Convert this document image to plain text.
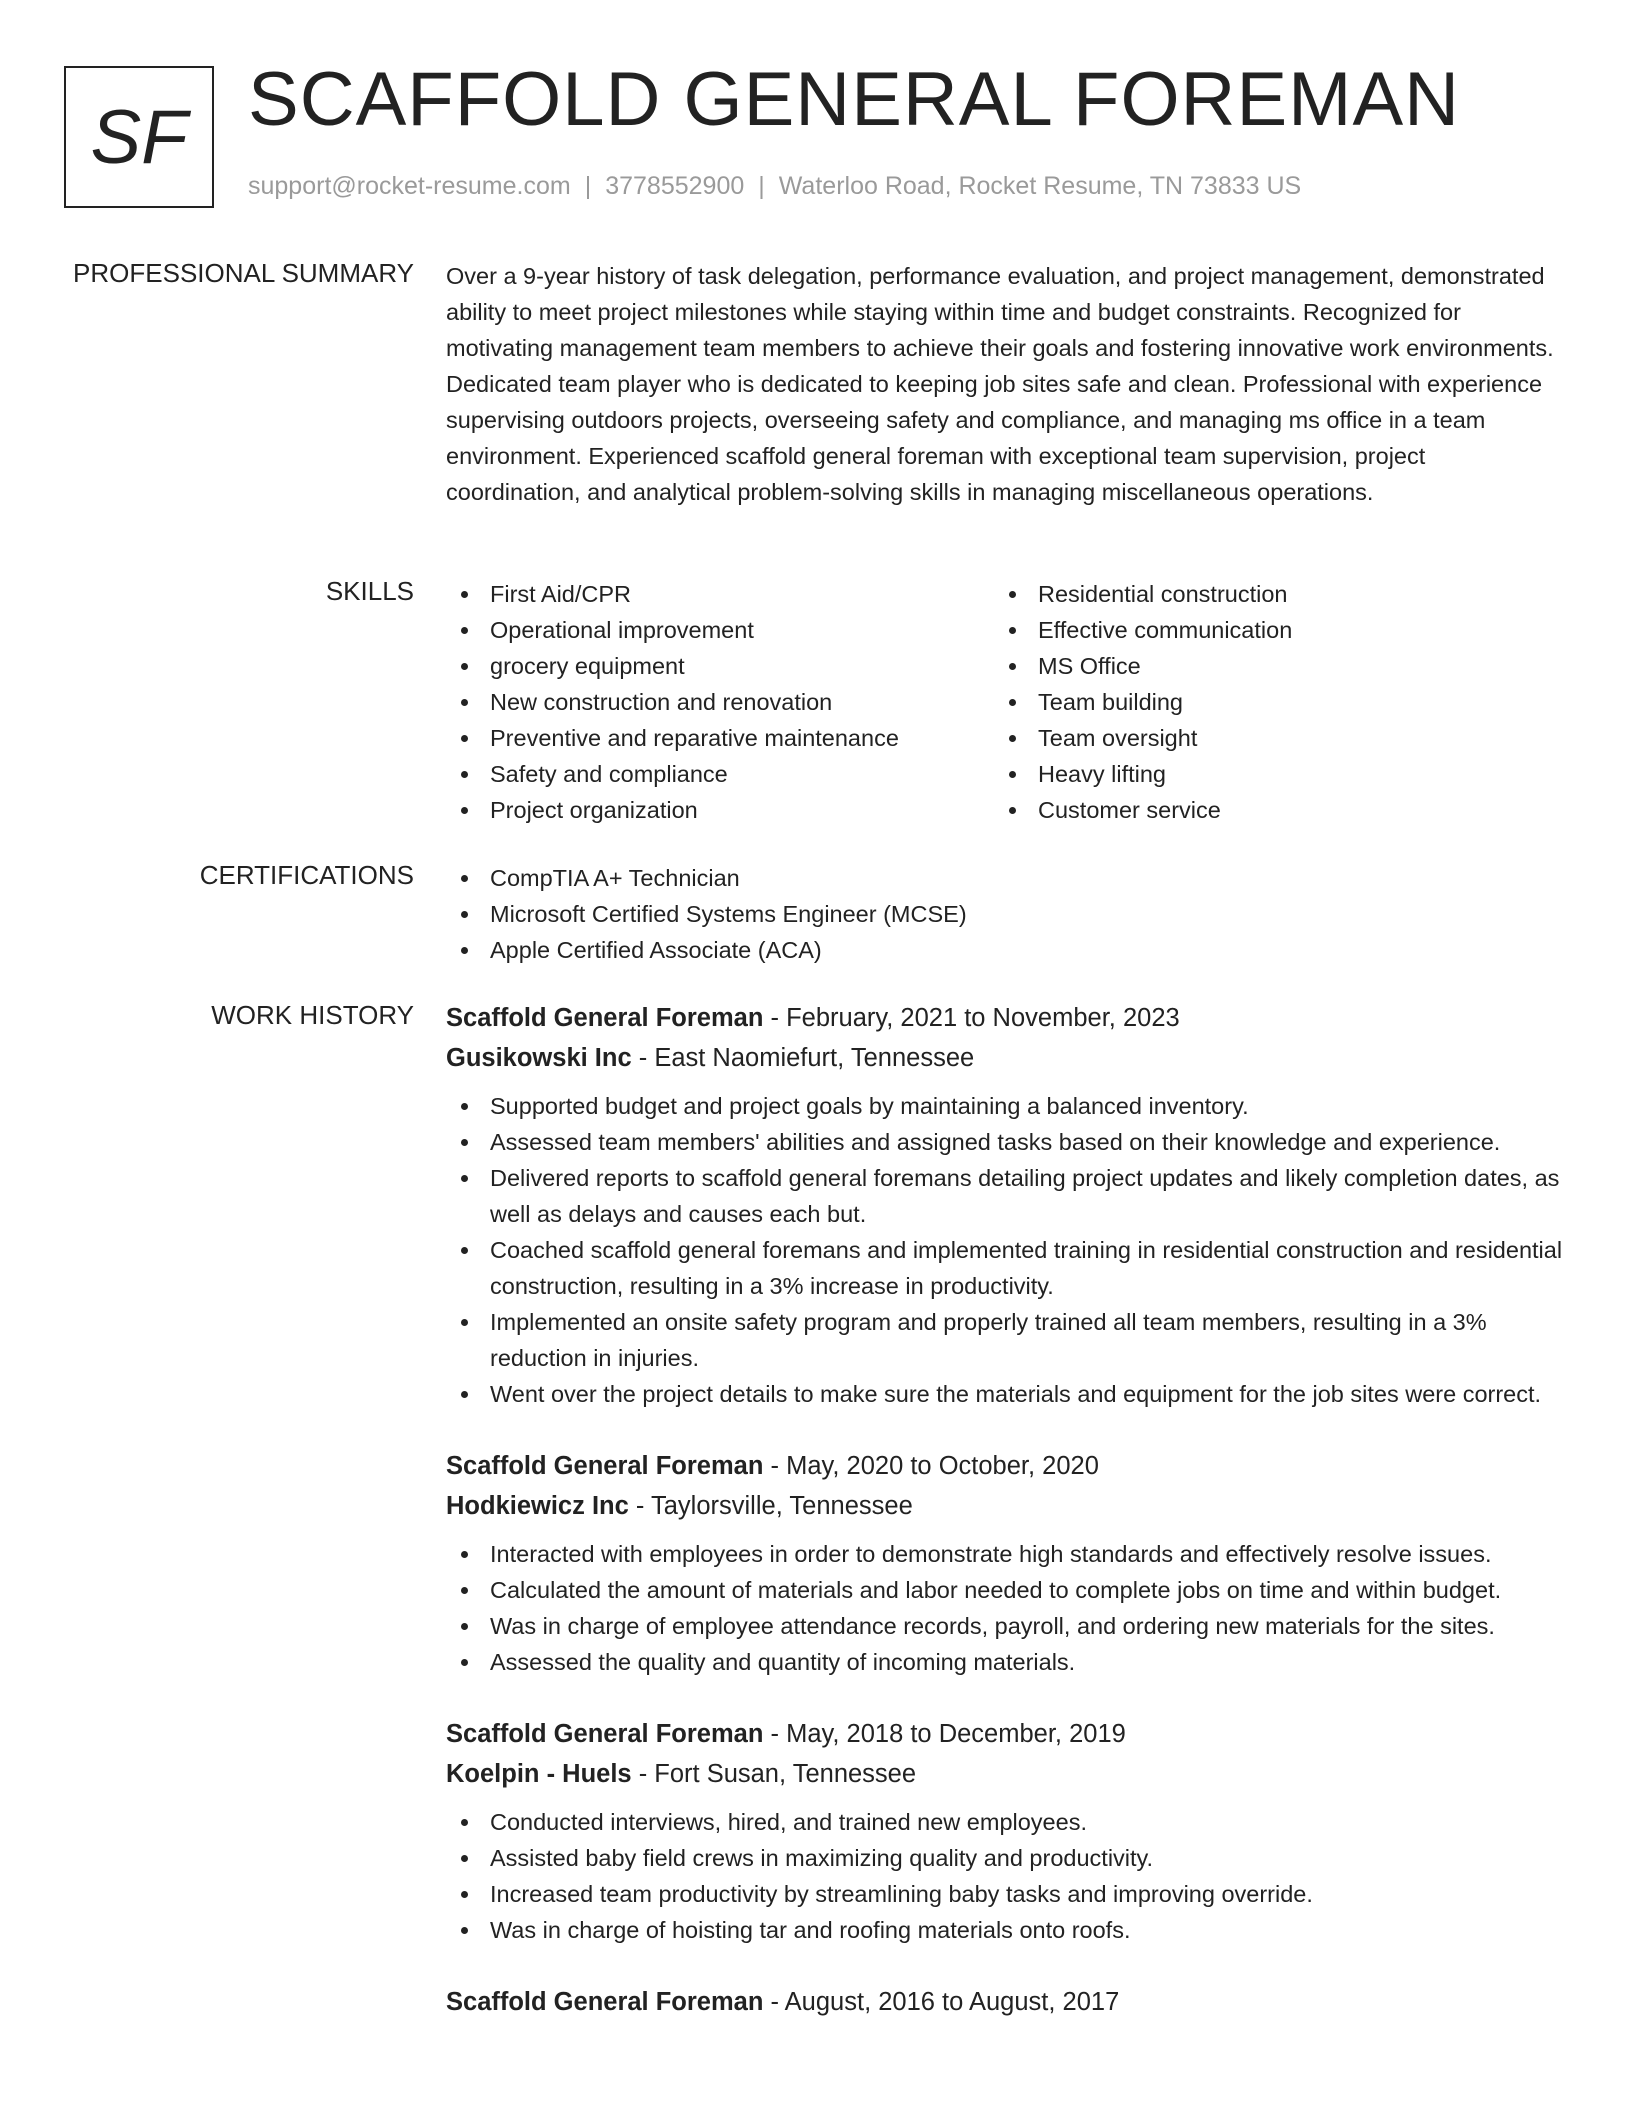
SF SCAFFOLD GENERAL FOREMAN
support@rocket-resume.com | 3778552900 | Waterloo Road, Rocket Resume, TN 73833 US
PROFESSIONAL SUMMARY Over a 9-year history of task delegation, performance evaluation, and project management, demonstrated ability to meet project milestones while staying within time and budget constraints. Recognized for motivating management team members to achieve their goals and fostering innovative work environments. Dedicated team player who is dedicated to keeping job sites safe and clean. Professional with experience supervising outdoors projects, overseeing safety and compliance, and managing ms office in a team environment. Experienced scaffold general foreman with exceptional team supervision, project coordination, and analytical problem-solving skills in managing miscellaneous operations.

SKILLS	First Aid/CPR
Operational improvement
grocery equipment
New construction and renovation
Preventive and reparative maintenance
Safety and compliance
Project organization
Residential construction
Effective communication
MS Office
Team building
Team oversight
Heavy lifting
Customer service
CERTIFICATIONS	CompTIA A+ Technician
Microsoft Certified Systems Engineer (MCSE)
Apple Certified Associate (ACA)
WORK HISTORY Scaffold General Foreman - February, 2021 to November, 2023
Gusikowski Inc - East Naomiefurt, Tennessee
Supported budget and project goals by maintaining a balanced inventory.
Assessed team members' abilities and assigned tasks based on their knowledge and experience.
Delivered reports to scaffold general foremans detailing project updates and likely completion dates, as well as delays and causes each but.
Coached scaffold general foremans and implemented training in residential construction and residential construction, resulting in a 3% increase in productivity.
Implemented an onsite safety program and properly trained all team members, resulting in a 3% reduction in injuries.
Went over the project details to make sure the materials and equipment for the job sites were correct.
Scaffold General Foreman - May, 2020 to October, 2020
Hodkiewicz Inc - Taylorsville, Tennessee
Interacted with employees in order to demonstrate high standards and effectively resolve issues.
Calculated the amount of materials and labor needed to complete jobs on time and within budget.
Was in charge of employee attendance records, payroll, and ordering new materials for the sites.
Assessed the quality and quantity of incoming materials.
Scaffold General Foreman - May, 2018 to December, 2019
Koelpin - Huels - Fort Susan, Tennessee
Conducted interviews, hired, and trained new employees.
Assisted baby field crews in maximizing quality and productivity.
Increased team productivity by streamlining baby tasks and improving override.
Was in charge of hoisting tar and roofing materials onto roofs.
Scaffold General Foreman - August, 2016 to August, 2017
